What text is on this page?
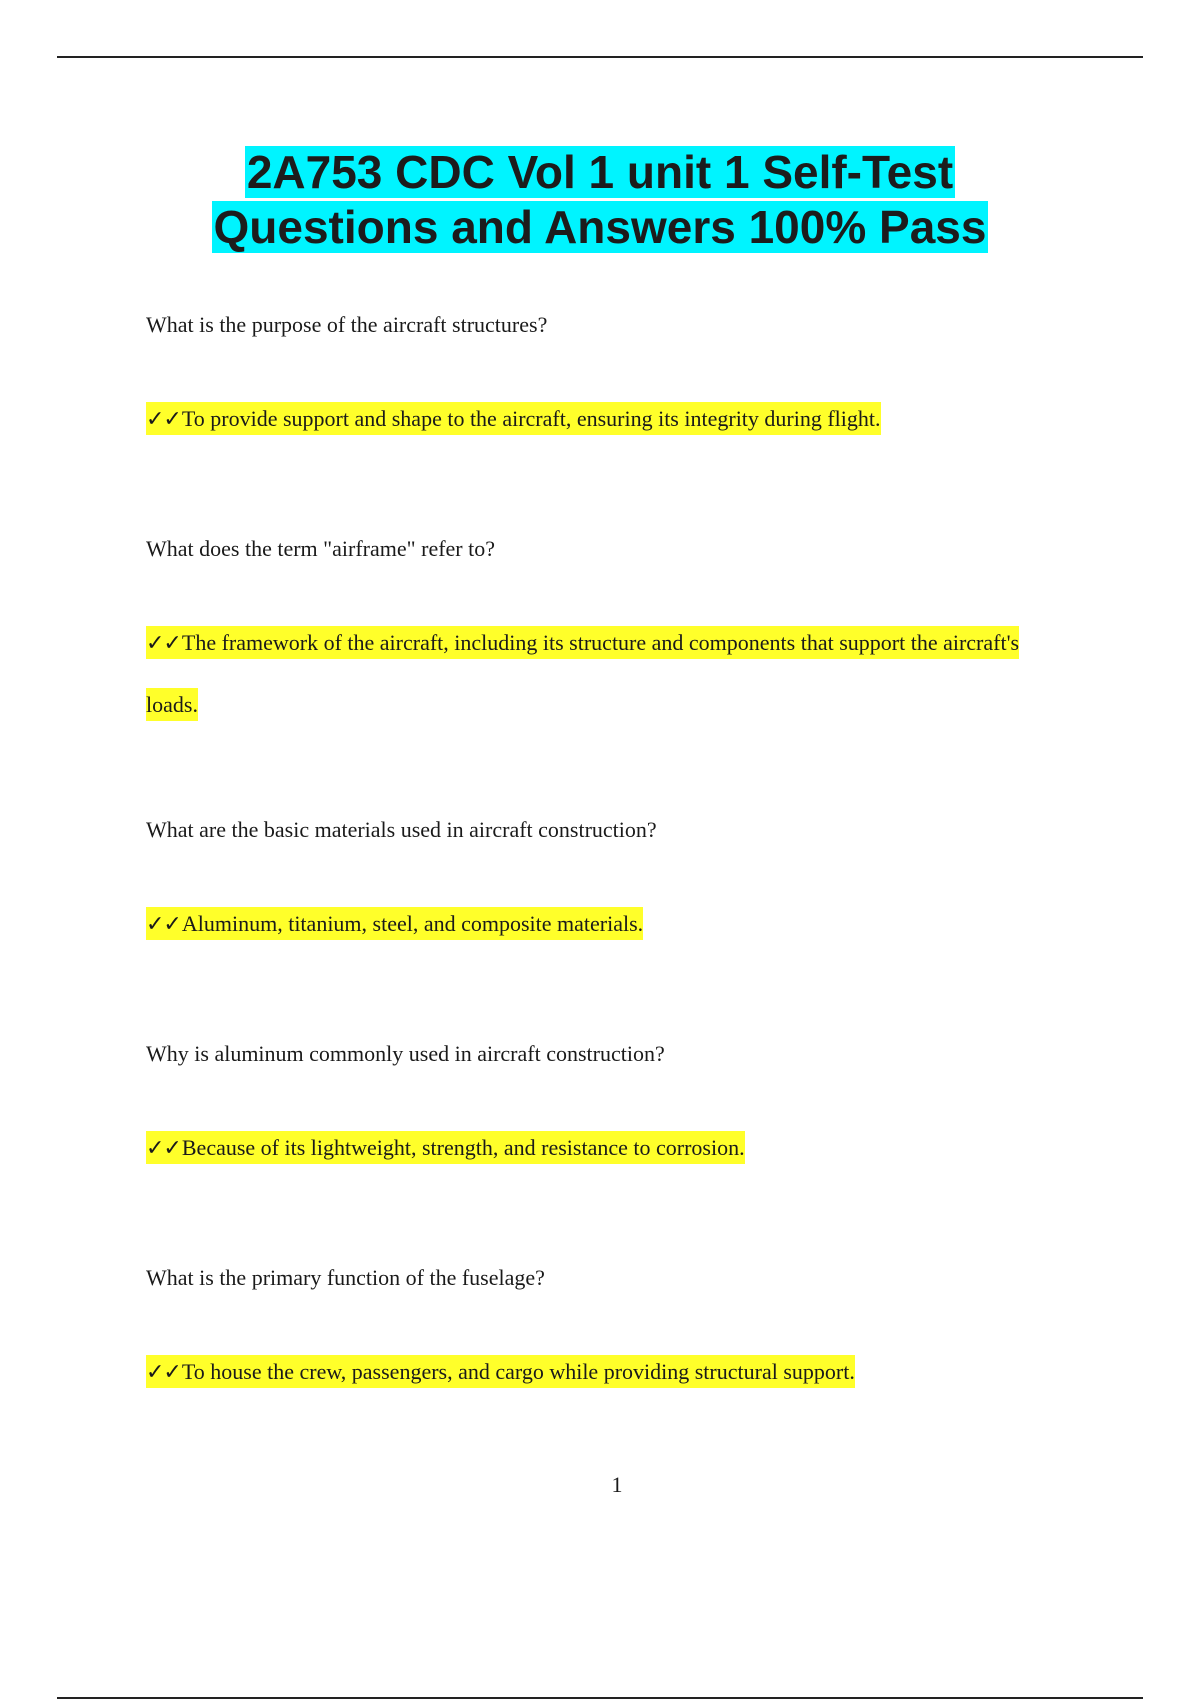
2A753 CDC Vol 1 unit 1 Self-Test
Questions and Answers 100% Pass

What is the purpose of the aircraft structures?

✓✓To provide support and shape to the aircraft, ensuring its integrity during flight.

What does the term "airframe" refer to?

✓✓The framework of the aircraft, including its structure and components that support the aircraft's loads.

What are the basic materials used in aircraft construction?

✓✓Aluminum, titanium, steel, and composite materials.

Why is aluminum commonly used in aircraft construction?

✓✓Because of its lightweight, strength, and resistance to corrosion.

What is the primary function of the fuselage?

✓✓To house the crew, passengers, and cargo while providing structural support.

1
